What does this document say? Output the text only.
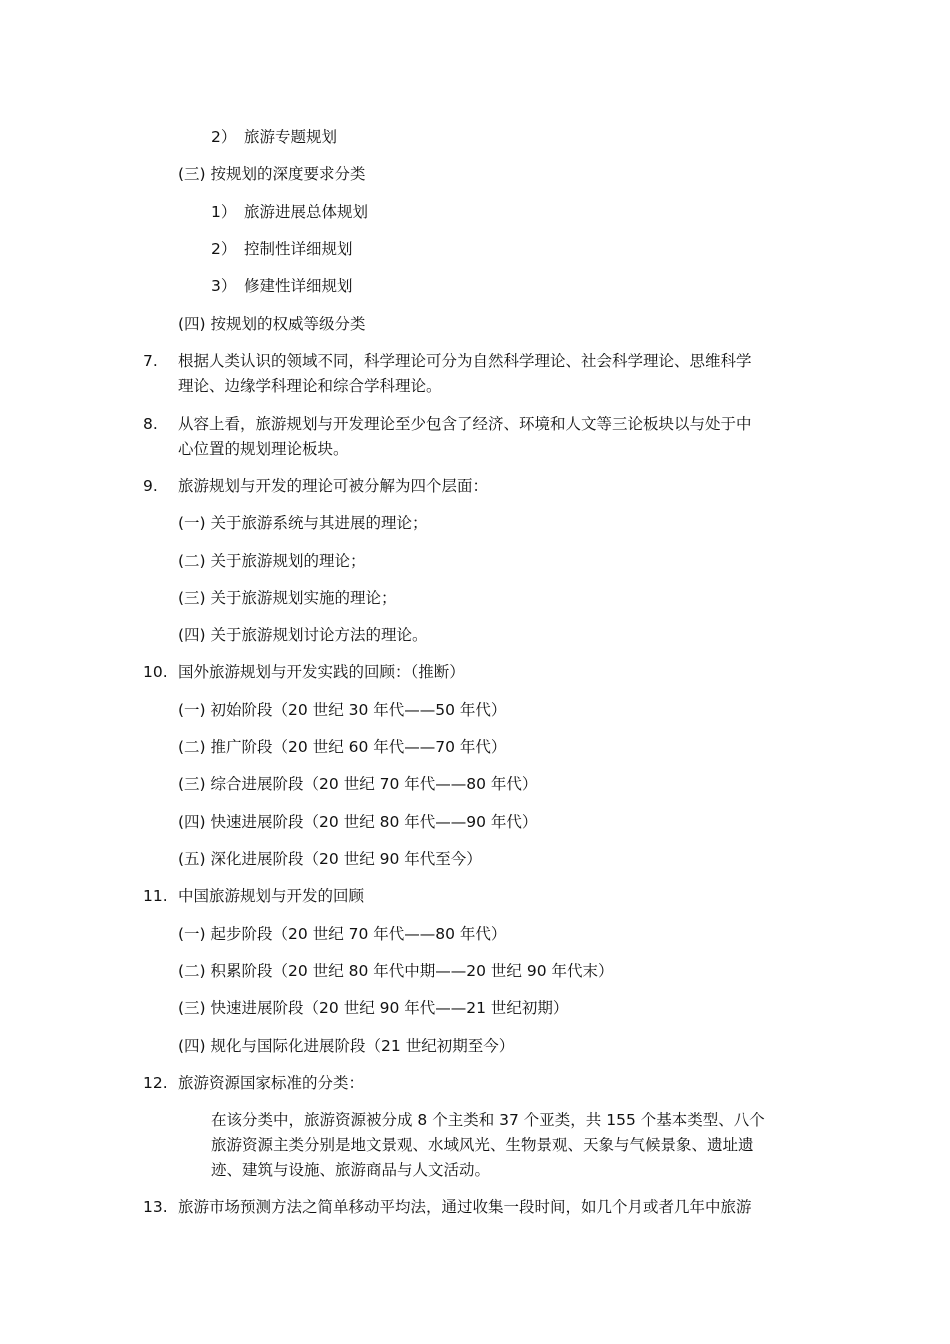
2） 旅游专题规划
(三) 按规划的深度要求分类
1） 旅游进展总体规划
2） 控制性详细规划
3） 修建性详细规划
(四) 按规划的权威等级分类
7. 根据人类认识的领域不同，科学理论可分为自然科学理论、社会科学理论、思维科学
理论、边缘学科理论和综合学科理论。
8. 从容上看，旅游规划与开发理论至少包含了经济、环境和人文等三论板块以与处于中
心位置的规划理论板块。
9. 旅游规划与开发的理论可被分解为四个层面：
(一) 关于旅游系统与其进展的理论；
(二) 关于旅游规划的理论；
(三) 关于旅游规划实施的理论；
(四) 关于旅游规划讨论方法的理论。
10. 国外旅游规划与开发实践的回顾：（推断）
(一) 初始阶段（20 世纪 30 年代——50 年代）
(二) 推广阶段（20 世纪 60 年代——70 年代）
(三) 综合进展阶段（20 世纪 70 年代——80 年代）
(四) 快速进展阶段（20 世纪 80 年代——90 年代）
(五) 深化进展阶段（20 世纪 90 年代至今）
11. 中国旅游规划与开发的回顾
(一) 起步阶段（20 世纪 70 年代——80 年代）
(二) 积累阶段（20 世纪 80 年代中期——20 世纪 90 年代末）
(三) 快速进展阶段（20 世纪 90 年代——21 世纪初期）
(四) 规化与国际化进展阶段（21 世纪初期至今）
12. 旅游资源国家标准的分类：
在该分类中，旅游资源被分成 8 个主类和 37 个亚类，共 155 个基本类型、八个
旅游资源主类分别是地文景观、水域风光、生物景观、天象与气候景象、遗址遗
迹、建筑与设施、旅游商品与人文活动。
13. 旅游市场预测方法之简单移动平均法，通过收集一段时间，如几个月或者几年中旅游
